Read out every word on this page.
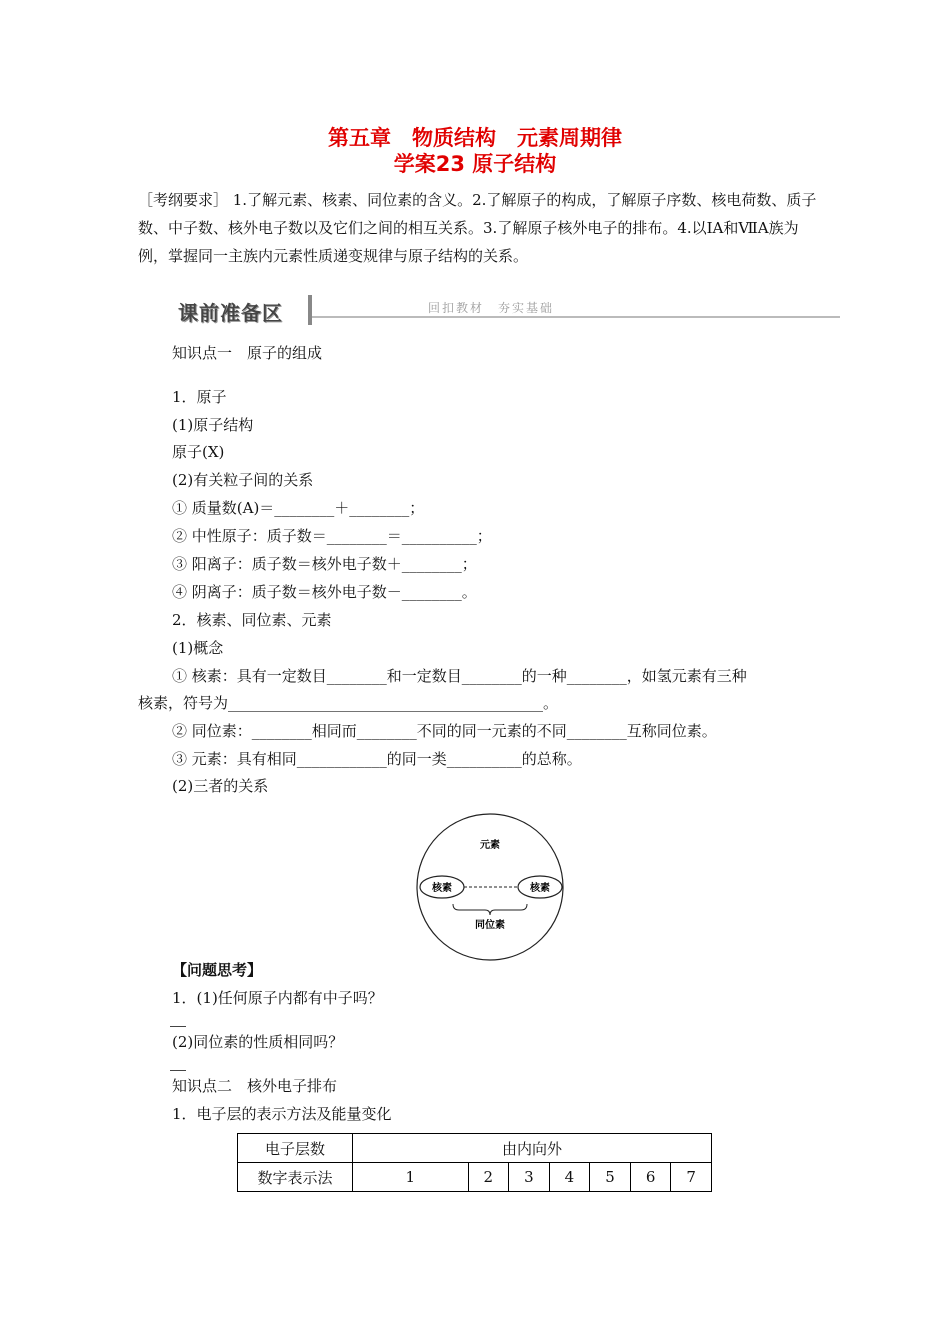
第五章　物质结构　元素周期律
学案23 原子结构
［考纲要求］ 1.了解元素、核素、同位素的含义。2.了解原子的构成，了解原子序数、核电荷数、质子数、中子数、核外电子数以及它们之间的相互关系。3.了解原子核外电子的排布。4.以ⅠA和ⅦA族为例，掌握同一主族内元素性质递变规律与原子结构的关系。
课前准备区	回扣教材　夯实基础
知识点一　原子的组成
1．原子
(1)原子结构
原子(X)
(2)有关粒子间的关系
① 质量数(A)＝________＋________；
② 中性原子：质子数＝________＝__________；
③ 阳离子：质子数＝核外电子数＋________；
④ 阴离子：质子数＝核外电子数－________。
2．核素、同位素、元素
(1)概念
① 核素：具有一定数目________和一定数目________的一种________，如氢元素有三种
核素，符号为__________________________________________。
② 同位素：________相同而________不同的同一元素的不同________互称同位素。
③ 元素：具有相同____________的同一类__________的总称。
(2)三者的关系
元素
核素	核素
同位素
【问题思考】
1．(1)任何原子内都有中子吗？
(2)同位素的性质相同吗？
知识点二　核外电子排布
1．电子层的表示方法及能量变化
电子层数	由内向外						
数字表示法	1	2	3	4	5	6	7
